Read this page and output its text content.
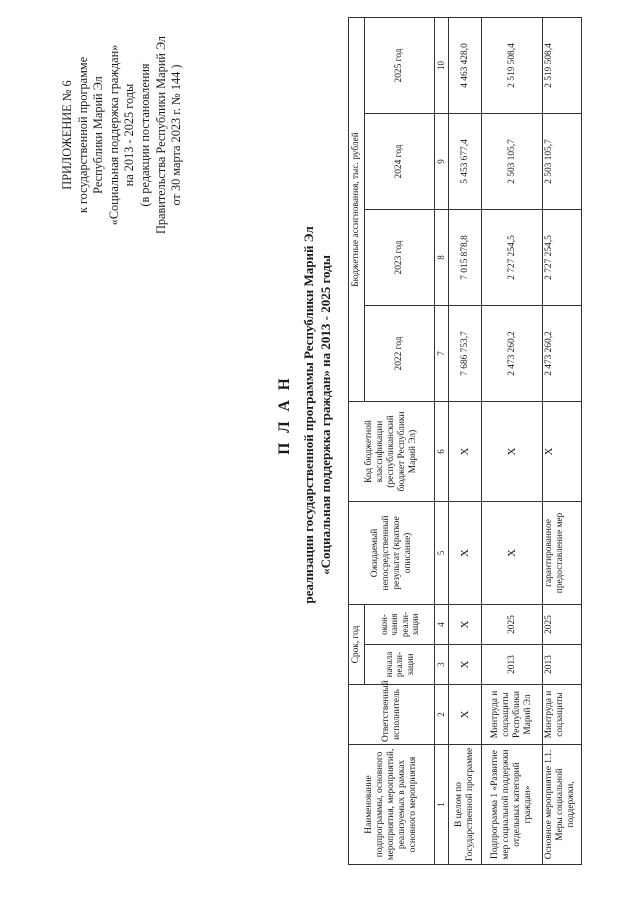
ПРИЛОЖЕНИЕ № 6 к государственной программе Республики Марий Эл «Социальная поддержка граждан» на 2013 - 2025 годы (в редакции постановления Правительства Республики Марий Эл от 30 марта 2023 г. № 144 )
П Л А Н реализации государственной программы Республики Марий Эл «Социальная поддержка граждан» на 2013 - 2025 годы
Наименование подпрограммы, основного мероприятия, мероприятий, реализуемых в рамках основного мероприятия	Ответственный исполнитель	Срок, год		Ожидаемый непосредственный результат (краткое описание)	Код бюджетной классификации (республиканский бюджет Республики Марий Эл)	Бюджетные ассигнования, тыс. рублей			
		начала реали-зации	окон-чания реали-зации			2022 год	2023 год	2024 год	2025 год
1	2	3	4	5	6	7	8	9	10
В целом по Государственной программе	Х	Х	Х	Х	Х	7 686 753,7	7 015 878,8	5 453 677,4	4 463 428,0
Подпрограмма 1 «Развитие мер социальной поддержки отдельных категорий граждан»	Минтруда и соцзащиты Республики Марий Эл	2013	2025	Х	Х	2 473 260,2	2 727 254,5	2 503 105,7	2 519 508,4
Основное мероприятие 1.1. Меры социальной поддержки,	Минтруда и соцзащиты	2013	2025	гарантированное предоставление мер	Х	2 473 260,2	2 727 254,5	2 503 105,7	2 519 508,4
